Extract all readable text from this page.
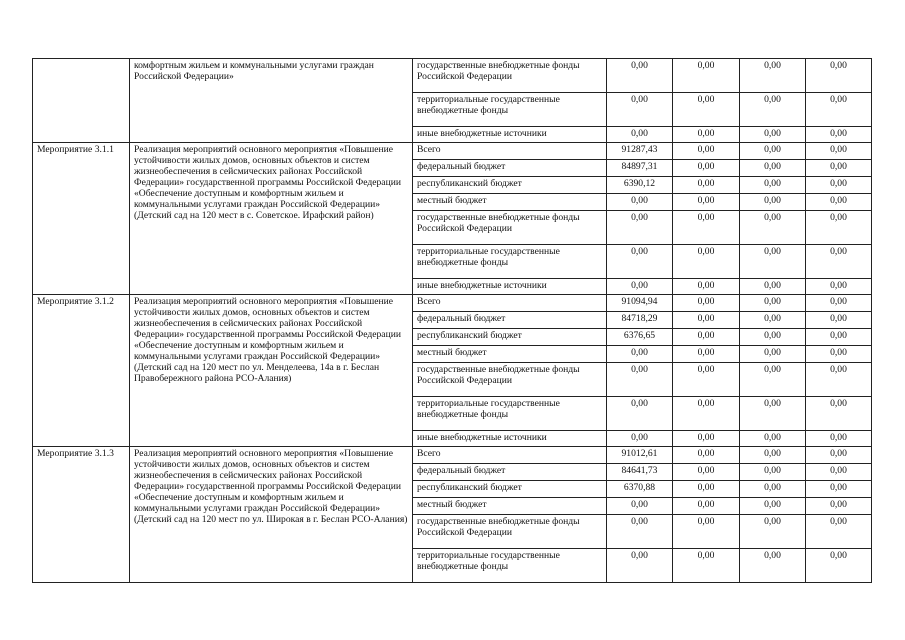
	комфортным жильем и коммунальными услугами граждан Российской Федерации»	государственные внебюджетные фонды Российской Федерации	0,00	0,00	0,00	0,00
		территориальные государственные внебюджетные фонды	0,00	0,00	0,00	0,00
		иные внебюджетные источники	0,00	0,00	0,00	0,00
Мероприятие 3.1.1	Реализация мероприятий основного мероприятия «Повышение устойчивости жилых домов, основных объектов и систем жизнеобеспечения в сейсмических районах Российской Федерации» государственной программы Российской Федерации «Обеспечение доступным и комфортным жильем и коммунальными услугами граждан Российской Федерации» (Детский сад на 120 мест в с. Советское. Ирафский район)	Всего	91287,43	0,00	0,00	0,00
		федеральный бюджет	84897,31	0,00	0,00	0,00
		республиканский бюджет	6390,12	0,00	0,00	0,00
		местный бюджет	0,00	0,00	0,00	0,00
		государственные внебюджетные фонды Российской Федерации	0,00	0,00	0,00	0,00
		территориальные государственные внебюджетные фонды	0,00	0,00	0,00	0,00
		иные внебюджетные источники	0,00	0,00	0,00	0,00
Мероприятие 3.1.2	Реализация мероприятий основного мероприятия «Повышение устойчивости жилых домов, основных объектов и систем жизнеобеспечения в сейсмических районах Российской Федерации» государственной программы Российской Федерации «Обеспечение доступным и комфортным жильем и коммунальными услугами граждан Российской Федерации» (Детский сад на 120 мест по ул. Менделеева, 14а в г. Беслан Правобережного района РСО-Алания)	Всего	91094,94	0,00	0,00	0,00
		федеральный бюджет	84718,29	0,00	0,00	0,00
		республиканский бюджет	6376,65	0,00	0,00	0,00
		местный бюджет	0,00	0,00	0,00	0,00
		государственные внебюджетные фонды Российской Федерации	0,00	0,00	0,00	0,00
		территориальные государственные внебюджетные фонды	0,00	0,00	0,00	0,00
		иные внебюджетные источники	0,00	0,00	0,00	0,00
Мероприятие 3.1.3	Реализация мероприятий основного мероприятия «Повышение устойчивости жилых домов, основных объектов и систем жизнеобеспечения в сейсмических районах Российской Федерации» государственной программы Российской Федерации «Обеспечение доступным и комфортным жильем и коммунальными услугами граждан Российской Федерации» (Детский сад на 120 мест по ул. Широкая в г. Беслан РСО-Алания)	Всего	91012,61	0,00	0,00	0,00
		федеральный бюджет	84641,73	0,00	0,00	0,00
		республиканский бюджет	6370,88	0,00	0,00	0,00
		местный бюджет	0,00	0,00	0,00	0,00
		государственные внебюджетные фонды Российской Федерации	0,00	0,00	0,00	0,00
		территориальные государственные внебюджетные фонды	0,00	0,00	0,00	0,00
